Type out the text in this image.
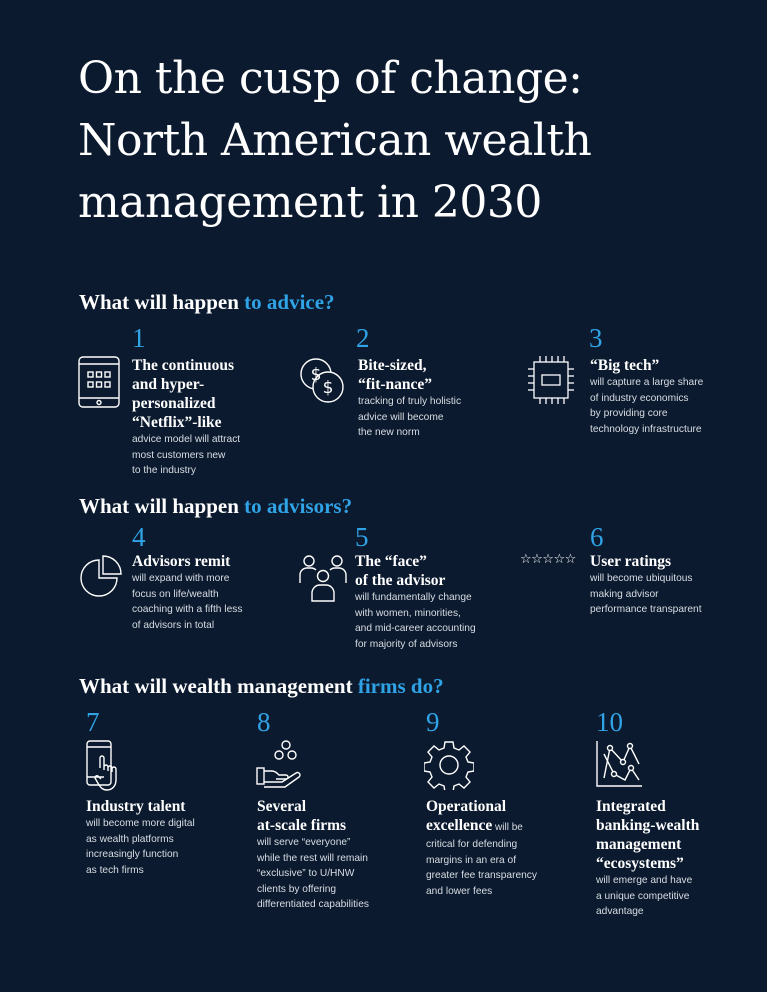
On the cusp of change:
North American wealth
management in 2030
What will happen to advice?
What will happen to advisors?
What will wealth management firms do?
1
The continuous
and hyper-
personalized
“Netflix”-like
advice model will attract
most customers new
to the industry
2
$
$
Bite-sized,
“fit-nance”
tracking of truly holistic
advice will become
the new norm
3
“Big tech”
will capture a large share
of industry economics
by providing core
technology infrastructure
4
Advisors remit
will expand with more
focus on life/wealth
coaching with a fifth less
of advisors in total
5
The “face”
of the advisor
will fundamentally change
with women, minorities,
and mid-career accounting
for majority of advisors
6
☆☆☆☆☆ User ratings
will become ubiquitous
making advisor
performance transparent
7
Industry talent
will become more digital
as wealth platforms
increasingly function
as tech firms
8
Several
at-scale firms
will serve “everyone”
while the rest will remain
“exclusive” to U/HNW
clients by offering
differentiated capabilities
9
Operational
excellence will be
critical for defending
margins in an era of
greater fee transparency
and lower fees
10
Integrated
banking-wealth
management
“ecosystems”
will emerge and have
a unique competitive
advantage
